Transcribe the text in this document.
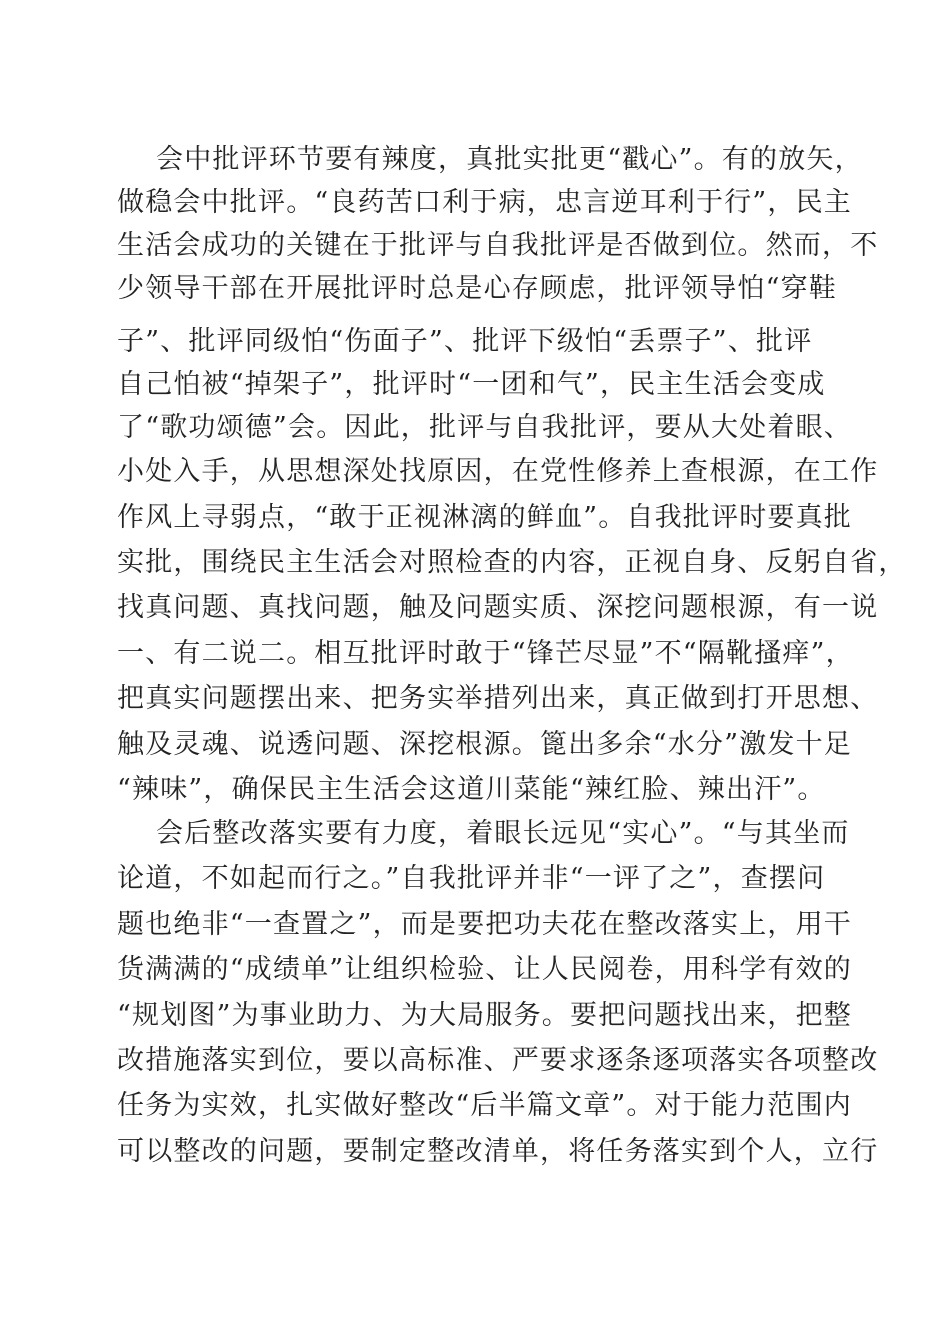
会中批评环节要有辣度，真批实批更“戳心”。有的放矢，
做稳会中批评。“良药苦口利于病，忠言逆耳利于行”，民主
生活会成功的关键在于批评与自我批评是否做到位。然而，不
少领导干部在开展批评时总是心存顾虑，批评领导怕“穿鞋
子”、批评同级怕“伤面子”、批评下级怕“丢票子”、批评
自己怕被“掉架子”，批评时“一团和气”，民主生活会变成
了“歌功颂德”会。因此，批评与自我批评，要从大处着眼、
小处入手，从思想深处找原因，在党性修养上查根源，在工作
作风上寻弱点，“敢于正视淋漓的鲜血”。自我批评时要真批
实批，围绕民主生活会对照检查的内容，正视自身、反躬自省，
找真问题、真找问题，触及问题实质、深挖问题根源，有一说
一、有二说二。相互批评时敢于“锋芒尽显”不“隔靴搔痒”，
把真实问题摆出来、把务实举措列出来，真正做到打开思想、
触及灵魂、说透问题、深挖根源。篦出多余“水分”激发十足
“辣味”，确保民主生活会这道川菜能“辣红脸、辣出汗”。
会后整改落实要有力度，着眼长远见“实心”。“与其坐而
论道，不如起而行之。”自我批评并非“一评了之”，查摆问
题也绝非“一查置之”，而是要把功夫花在整改落实上，用干
货满满的“成绩单”让组织检验、让人民阅卷，用科学有效的
“规划图”为事业助力、为大局服务。要把问题找出来，把整
改措施落实到位，要以高标准、严要求逐条逐项落实各项整改
任务为实效，扎实做好整改“后半篇文章”。对于能力范围内
可以整改的问题，要制定整改清单，将任务落实到个人，立行
